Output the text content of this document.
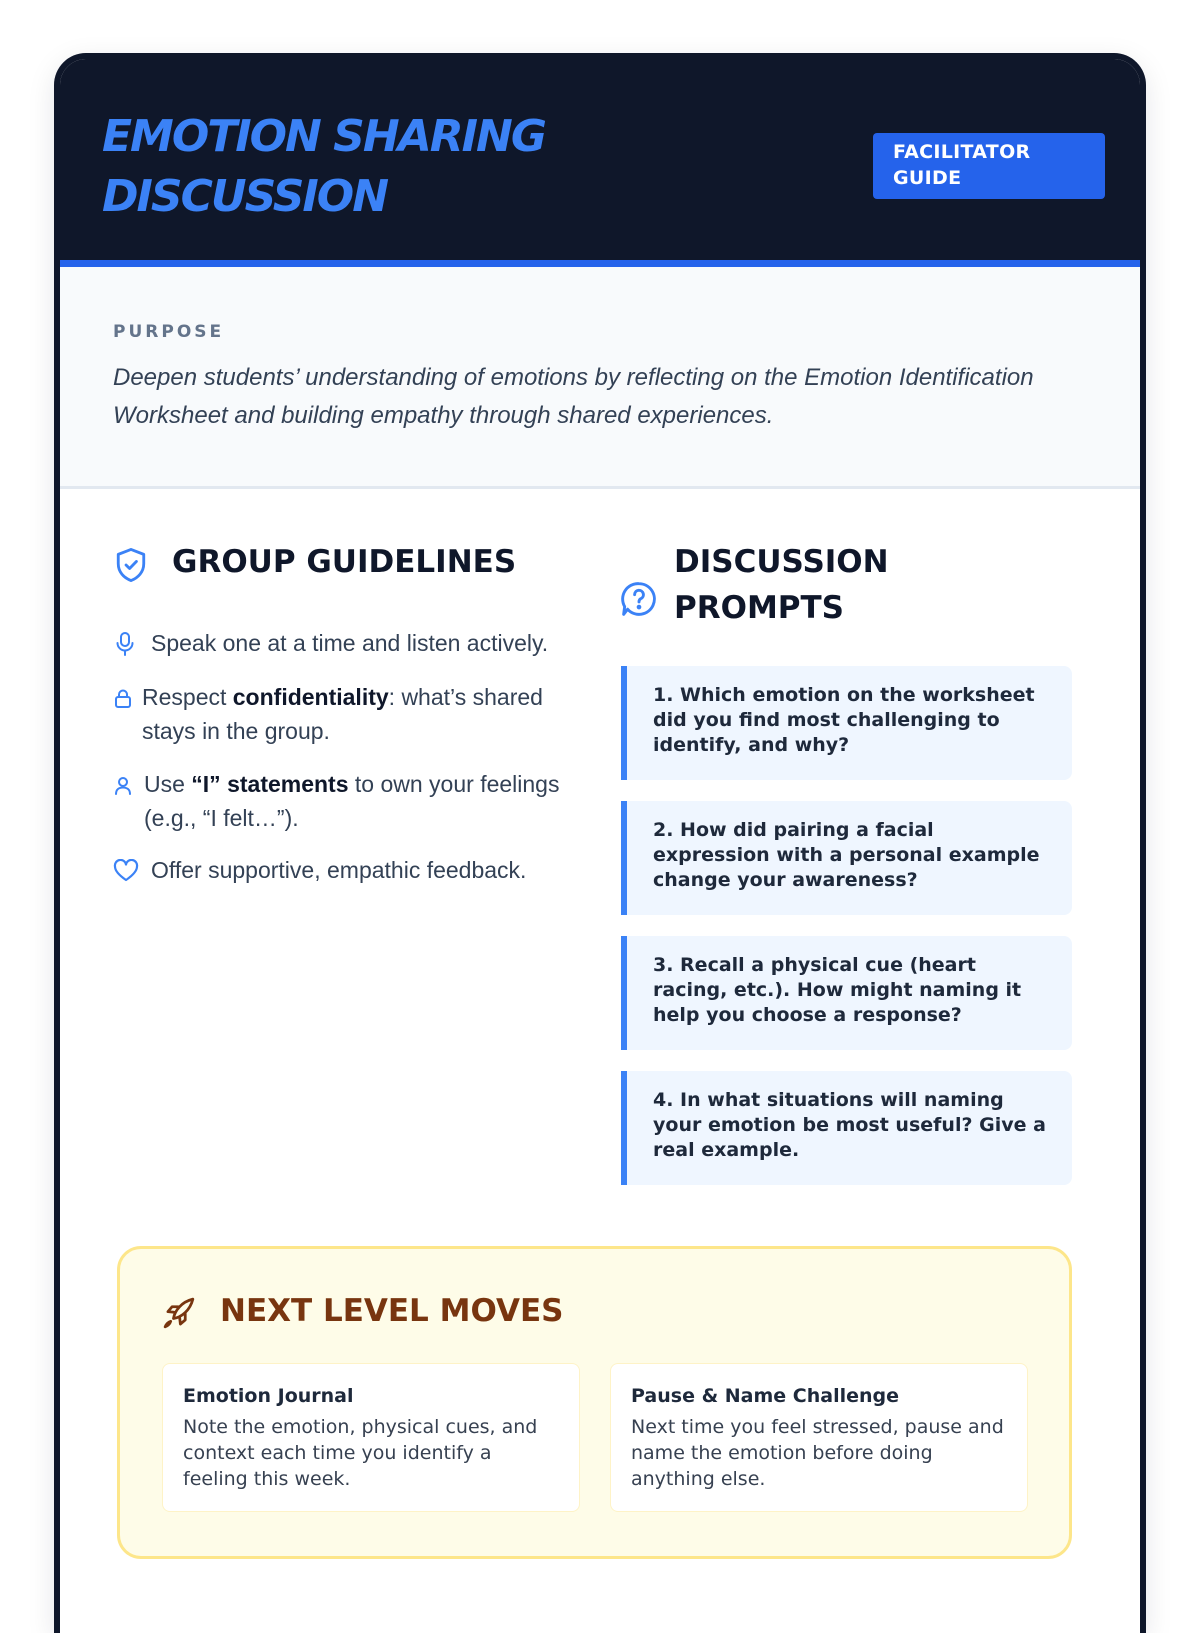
EMOTION SHARING
DISCUSSION
FACILITATOR
GUIDE
PURPOSE
Deepen students’ understanding of emotions by reflecting on the Emotion Identification Worksheet and building empathy through shared experiences.
GROUP GUIDELINES
Speak one at a time and listen actively.
Respect confidentiality: what’s shared stays in the group.
Use “I” statements to own your feelings (e.g., “I felt…”).
Offer supportive, empathic feedback.
DISCUSSION
PROMPTS
1. Which emotion on the worksheet did you find most challenging to identify, and why?
2. How did pairing a facial expression with a personal example change your awareness?
3. Recall a physical cue (heart racing, etc.). How might naming it help you choose a response?
4. In what situations will naming your emotion be most useful? Give a real example.
NEXT LEVEL MOVES
Emotion Journal
Note the emotion, physical cues, and context each time you identify a feeling this week.
Pause & Name Challenge
Next time you feel stressed, pause and name the emotion before doing anything else.
